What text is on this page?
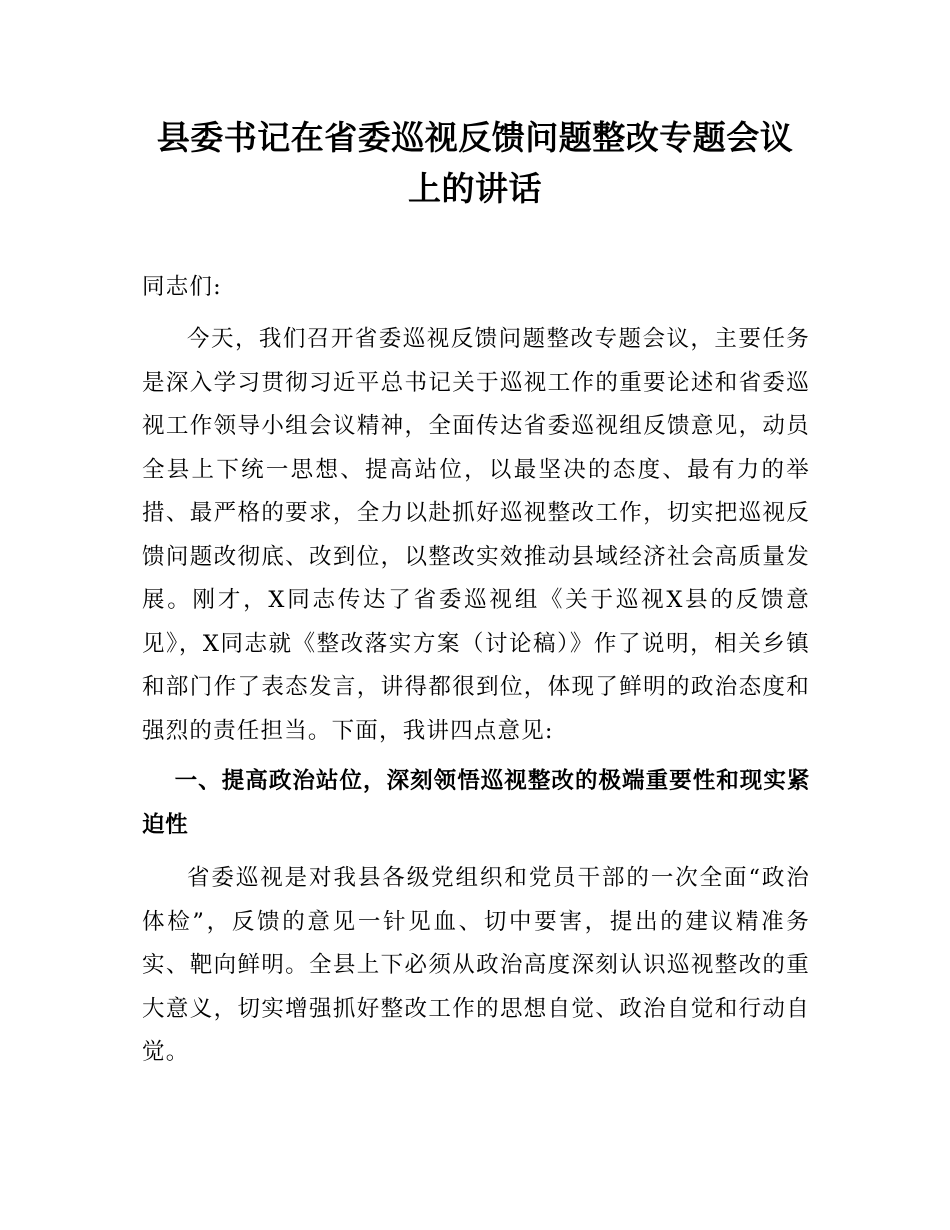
县委书记在省委巡视反馈问题整改专题会议
上的讲话

同志们:

今天，我们召开省委巡视反馈问题整改专题会议，主要任务是深入学习贯彻习近平总书记关于巡视工作的重要论述和省委巡视工作领导小组会议精神，全面传达省委巡视组反馈意见，动员全县上下统一思想、提高站位，以最坚决的态度、最有力的举措、最严格的要求，全力以赴抓好巡视整改工作，切实把巡视反馈问题改彻底、改到位，以整改实效推动县域经济社会高质量发展。刚才，X同志传达了省委巡视组《关于巡视X县的反馈意见》，X同志就《整改落实方案（讨论稿）》作了说明，相关乡镇和部门作了表态发言，讲得都很到位，体现了鲜明的政治态度和强烈的责任担当。下面，我讲四点意见:

一、提高政治站位，深刻领悟巡视整改的极端重要性和现实紧迫性

省委巡视是对我县各级党组织和党员干部的一次全面“政治体检”，反馈的意见一针见血、切中要害，提出的建议精准务实、靶向鲜明。全县上下必须从政治高度深刻认识巡视整改的重大意义，切实增强抓好整改工作的思想自觉、政治自觉和行动自觉。
